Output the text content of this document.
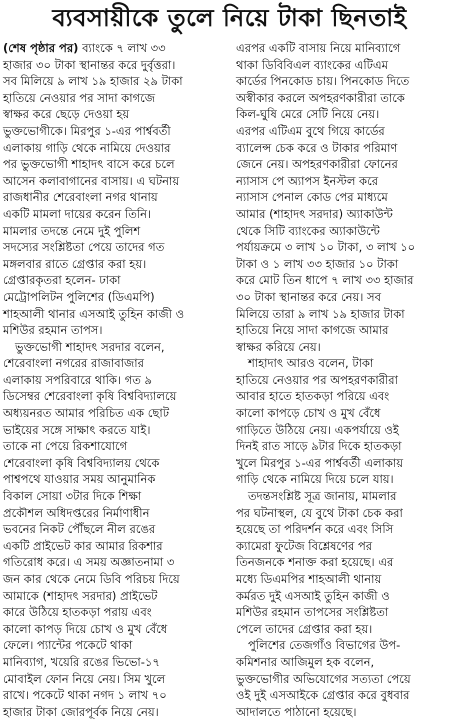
ব্যবসায়ীকে তুলে নিয়ে টাকা ছিনতাই
(শেষ পৃষ্ঠার পর) ব্যাংকে ৭ লাখ ৩৩
হাজার ৩০ টাকা স্থানান্তর করে দুর্বৃত্তরা।
সব মিলিয়ে ৯ লাখ ১৯ হাজার ২৯ টাকা
হাতিয়ে নেওয়ার পর সাদা কাগজে
স্বাক্ষর করে ছেড়ে দেওয়া হয়
ভুক্তভোগীকে। মিরপুর ১-এর পার্শ্ববর্তী
এলাকায় গাড়ি থেকে নামিয়ে দেওয়ার
পর ভুক্তভোগী শাহাদৎ বাসে করে চলে
আসেন কলাবাগানের বাসায়। এ ঘটনায়
রাজধানীর শেরেবাংলা নগর থানায়
একটি মামলা দায়ের করেন তিনি।
মামলার তদন্তে নেমে দুই পুলিশ
সদস্যের সংশ্লিষ্টতা পেয়ে তাদের গত
মঙ্গলবার রাতে গ্রেপ্তার করা হয়।
গ্রেপ্তারকৃতরা হলেন- ঢাকা
মেট্রোপলিটন পুলিশের (ডিএমপি)
শাহআলী থানার এসআই তুহিন কাজী ও
মশিউর রহমান তাপস।
ভুক্তভোগী শাহাদৎ সরদার বলেন,
শেরেবাংলা নগরের রাজাবাজার
এলাকায় সপরিবারে থাকি। গত ৯
ডিসেম্বর শেরেবাংলা কৃষি বিশ্ববিদ্যালয়ে
অধ্যয়নরত আমার পরিচিত এক ছোট
ভাইয়ের সঙ্গে সাক্ষাৎ করতে যাই।
তাকে না পেয়ে রিকশাযোগে
শেরেবাংলা কৃষি বিশ্ববিদ্যালয় থেকে
পাশ্বপথে যাওয়ার সময় আনুমানিক
বিকাল সোয়া ৩টার দিকে শিক্ষা
প্রকৌশল অধিদপ্তরের নির্মাণাধীন
ভবনের নিকট পৌঁছলে নীল রঙের
একটি প্রাইভেট কার আমার রিকশার
গতিরোধ করে। এ সময় অজ্ঞাতনামা ৩
জন কার থেকে নেমে ডিবি পরিচয় দিয়ে
আমাকে (শাহাদৎ সরদার) প্রাইভেট
কারে উঠিয়ে হাতকড়া পরায় এবং
কালো কাপড় দিয়ে চোখ ও মুখ বেঁধে
ফেলে। প্যান্টের পকেটে থাকা
মানিব্যাগ, খয়েরি রঙের ভিভো-১৭
মোবাইল ফোন নিয়ে নেয়। সিম খুলে
রাখে। পকেটে থাকা নগদ ১ লাখ ৭০
হাজার টাকা জোরপূর্বক নিয়ে নেয়।
এরপর একটি বাসায় নিয়ে মানিব্যাগে
থাকা ডিবিবিএল ব্যাংকের এটিএম
কার্ডের পিনকোড চায়। পিনকোড দিতে
অস্বীকার করলে অপহরণকারীরা তাকে
কিল-ঘুষি মেরে সেটি নিয়ে নেয়।
এরপর এটিএম বুথে গিয়ে কার্ডের
ব্যালেন্স চেক করে ও টাকার পরিমাণ
জেনে নেয়। অপহরণকারীরা ফোনের
ন্যাসাস পে অ্যাপস ইনস্টল করে
ন্যাসাস পেনাল কোড পের মাধ্যমে
আমার (শাহাদৎ সরদার) অ্যাকাউন্ট
থেকে সিটি ব্যাংকের অ্যাকাউন্টে
পর্যায়ক্রমে ৩ লাখ ১০ টাকা, ৩ লাখ ১০
টাকা ও ১ লাখ ৩৩ হাজার ১০ টাকা
করে মোট তিন ধাপে ৭ লাখ ৩৩ হাজার
৩০ টাকা স্থানান্তর করে নেয়। সব
মিলিয়ে তারা ৯ লাখ ১৯ হাজার টাকা
হাতিয়ে নিয়ে সাদা কাগজে আমার
স্বাক্ষর করিয়ে নেয়।
শাহাদাৎ আরও বলেন, টাকা
হাতিয়ে নেওয়ার পর অপহরণকারীরা
আবার হাতে হাতকড়া পরিয়ে এবং
কালো কাপড়ে চোখ ও মুখ বেঁধে
গাড়িতে উঠিয়ে নেয়। একপর্যায়ে ওই
দিনই রাত সাড়ে ৯টার দিকে হাতকড়া
খুলে মিরপুর ১-এর পার্শ্ববর্তী এলাকায়
গাড়ি থেকে নামিয়ে দিয়ে চলে যায়।
তদন্তসংশ্লিষ্ট সূত্র জানায়, মামলার
পর ঘটনাস্থল, যে বুথে টাকা চেক করা
হয়েছে তা পরিদর্শন করে এবং সিসি
ক্যামেরা ফুটেজ বিশ্লেষণের পর
তিনজনকে শনাক্ত করা হয়েছে। এর
মধ্যে ডিএমপির শাহআলী থানায়
কর্মরত দুই এসআই তুহিন কাজী ও
মশিউর রহমান তাপসের সংশ্লিষ্টতা
পেলে তাদের গ্রেপ্তার করা হয়।
পুলিশের তেজগাঁও বিভাগের উপ-
কমিশনার আজিমুল হক বলেন,
ভুক্তভোগীর অভিযোগের সত্যতা পেয়ে
ওই দুই এসআইকে গ্রেপ্তার করে বুধবার
আদালতে পাঠানো হয়েছে।
